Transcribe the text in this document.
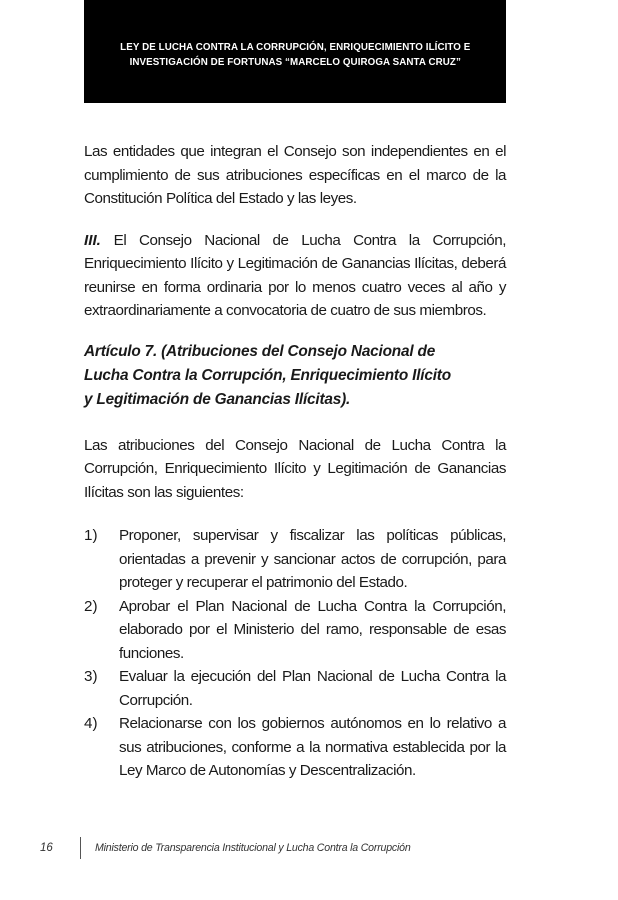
LEY DE LUCHA CONTRA LA CORRUPCIÓN, ENRIQUECIMIENTO ILÍCITO E
INVESTIGACIÓN DE FORTUNAS “MARCELO QUIROGA SANTA CRUZ”

Las entidades que integran el Consejo son independientes en el cumplimiento de sus atribuciones específicas en el marco de la Constitución Política del Estado y las leyes.

III. El Consejo Nacional de Lucha Contra la Corrupción, Enriquecimiento Ilícito y Legitimación de Ganancias Ilícitas, deberá reunirse en forma ordinaria por lo menos cuatro veces al año y extraordinariamente a convocatoria de cuatro de sus miembros.

Artículo 7. (Atribuciones del Consejo Nacional de
Lucha Contra la Corrupción, Enriquecimiento Ilícito
y Legitimación de Ganancias Ilícitas).

Las atribuciones del Consejo Nacional de Lucha Contra la Corrupción, Enriquecimiento Ilícito y Legitimación de Ganancias Ilícitas son las siguientes:

1)	Proponer, supervisar y fiscalizar las políticas públicas, orientadas a prevenir y sancionar actos de corrupción, para proteger y recuperar el patrimonio del Estado.
2)	Aprobar el Plan Nacional de Lucha Contra la Corrupción, elaborado por el Ministerio del ramo, responsable de esas funciones.
3)	Evaluar la ejecución del Plan Nacional de Lucha Contra la Corrupción.
4)	Relacionarse con los gobiernos autónomos en lo relativo a sus atribuciones, conforme a la normativa establecida por la Ley Marco de Autonomías y Descentralización.
16	Ministerio de Transparencia Institucional y Lucha Contra la Corrupción
